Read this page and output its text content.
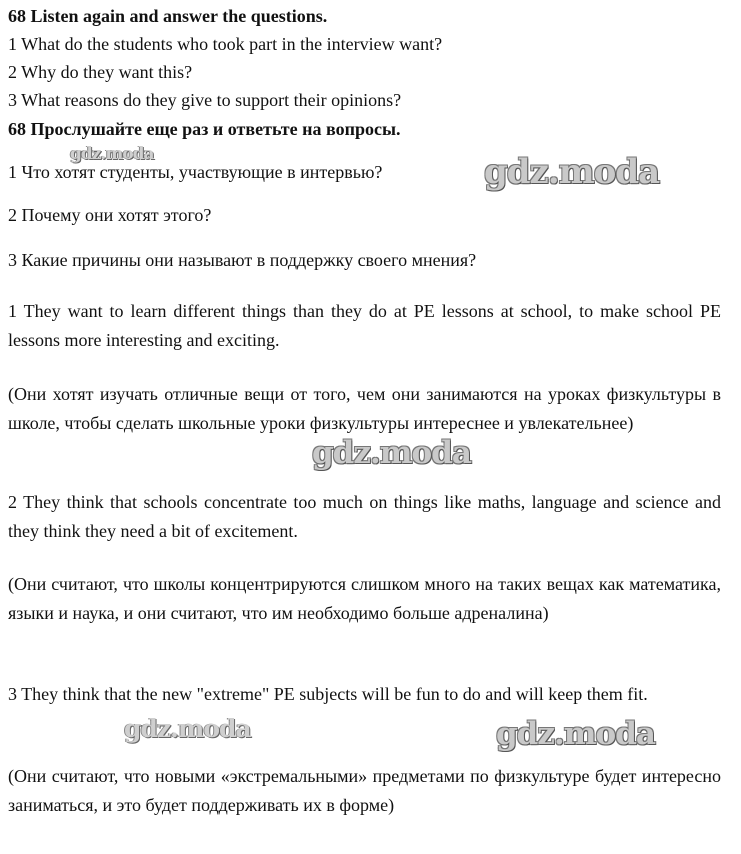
68 Listen again and answer the questions.
1 What do the students who took part in the interview want?
2 Why do they want this?
3 What reasons do they give to support their opinions?
68 Прослушайте еще раз и ответьте на вопросы.
1 Что хотят студенты, участвующие в интервью?
2 Почему они хотят этого?
3 Какие причины они называют в поддержку своего мнения?
1 They want to learn different things than they do at PE lessons at school, to make school PE lessons more interesting and exciting.
(Они хотят изучать отличные вещи от того, чем они занимаются на уроках физкультуры в школе, чтобы сделать школьные уроки физкультуры интереснее и увлекательнее)
2 They think that schools concentrate too much on things like maths, language and science and they think they need a bit of excitement.
(Они считают, что школы концентрируются слишком много на таких вещах как математика, языки и наука, и они считают, что им необходимо больше адреналина)
3 They think that the new "extreme" PE subjects will be fun to do and will keep them fit.
(Они считают, что новыми «экстремальными» предметами по физкультуре будет интересно заниматься, и это будет поддерживать их в форме)
gdz.moda	gdz.moda
gdz.moda
gdz.moda	gdz.moda
